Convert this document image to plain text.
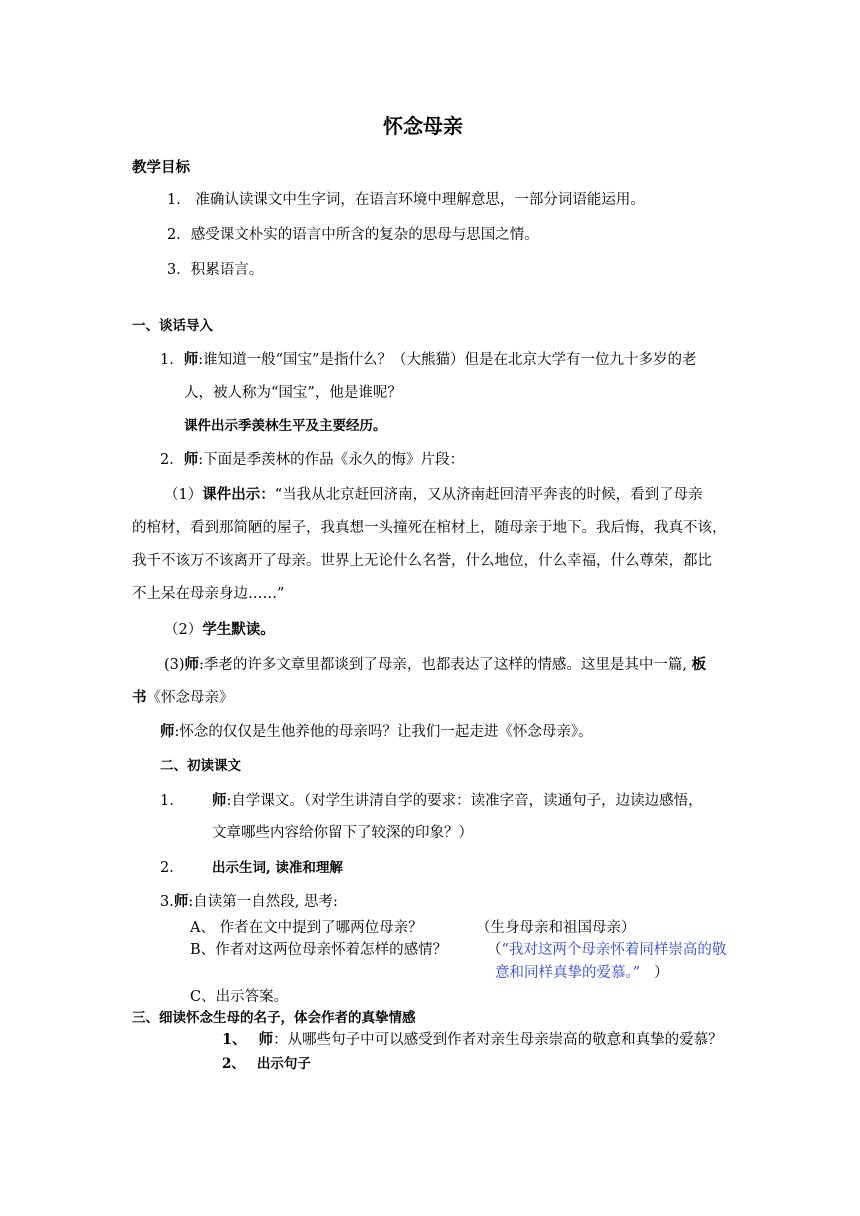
怀念母亲
教学目标
1． 准确认读课文中生字词，在语言环境中理解意思，一部分词语能运用。
2．感受课文朴实的语言中所含的复杂的思母与思国之情。
3．积累语言。
一、谈话导入
1．师:谁知道一般“国宝”是指什么？（大熊猫）但是在北京大学有一位九十多岁的老
人，被人称为“国宝”，他是谁呢？
课件出示季羡林生平及主要经历。
2．师:下面是季羡林的作品《永久的悔》片段：
（1）课件出示：“当我从北京赶回济南，又从济南赶回清平奔丧的时候，看到了母亲
的棺材，看到那简陋的屋子，我真想一头撞死在棺材上，随母亲于地下。我后悔，我真不该，
我千不该万不该离开了母亲。世界上无论什么名誉，什么地位，什么幸福，什么尊荣，都比
不上呆在母亲身边……”
（2）学生默读。
(3)师:季老的许多文章里都谈到了母亲，也都表达了这样的情感。这里是其中一篇, 板
书《怀念母亲》
师:怀念的仅仅是生他养他的母亲吗？让我们一起走进《怀念母亲》。
二、初读课文
1． 师:自学课文。（对学生讲清自学的要求：读准字音，读通句子，边读边感悟，
文章哪些内容给你留下了较深的印象？）
2． 出示生词, 读准和理解
3.师:自读第一自然段, 思考:
A、 作者在文中提到了哪两位母亲？	（生身母亲和祖国母亲）
B、作者对这两位母亲怀着怎样的感情？	（“我对这两个母亲怀着同样崇高的敬
意和同样真挚的爱慕。” ）
C、出示答案。
三、细读怀念生母的名子，体会作者的真挚情感
1、 师：从哪些句子中可以感受到作者对亲生母亲崇高的敬意和真挚的爱慕？
2、 出示句子
